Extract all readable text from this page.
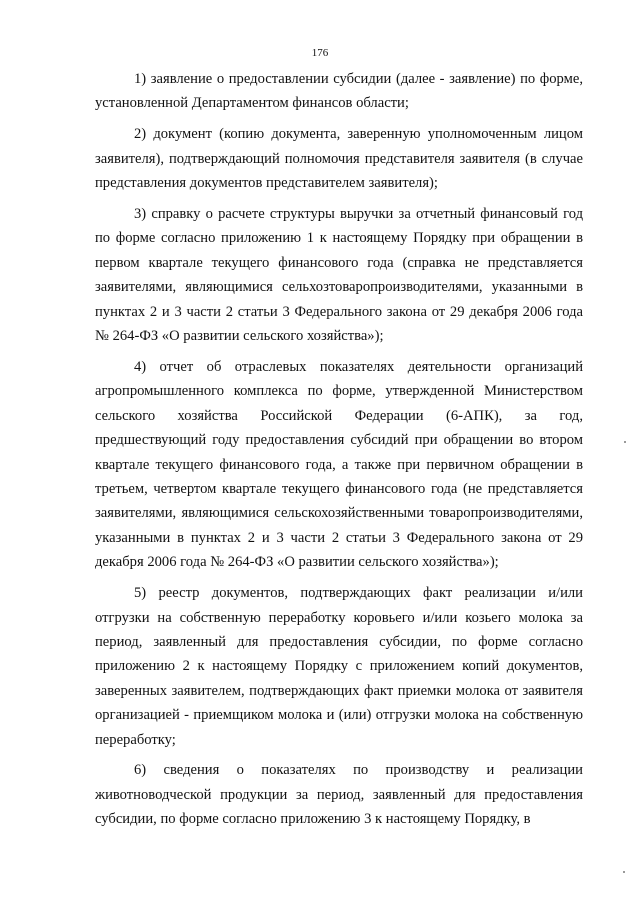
176

1) заявление о предоставлении субсидии (далее - заявление) по форме, установленной Департаментом финансов области;

2) документ (копию документа, заверенную уполномоченным лицом заявителя), подтверждающий полномочия представителя заявителя (в случае представления документов представителем заявителя);

3) справку о расчете структуры выручки за отчетный финансовый год по форме согласно приложению 1 к настоящему Порядку при обращении в первом квартале текущего финансового года (справка не представляется заявителями, являющимися сельхозтоваропроизводителями, указанными в пунктах 2 и 3 части 2 статьи 3 Федерального закона от 29 декабря 2006 года № 264-ФЗ «О развитии сельского хозяйства»);

4) отчет об отраслевых показателях деятельности организаций агропромышленного комплекса по форме, утвержденной Министерством сельского хозяйства Российской Федерации (6-АПК), за год, предшествующий году предоставления субсидий при обращении во втором квартале текущего финансового года, а также при первичном обращении в третьем, четвертом квартале текущего финансового года (не представляется заявителями, являющимися сельскохозяйственными товаропроизводителями, указанными в пунктах 2 и 3 части 2 статьи 3 Федерального закона от 29 декабря 2006 года № 264-ФЗ «О развитии сельского хозяйства»);

5) реестр документов, подтверждающих факт реализации и/или отгрузки на собственную переработку коровьего и/или козьего молока за период, заявленный для предоставления субсидии, по форме согласно приложению 2 к настоящему Порядку с приложением копий документов, заверенных заявителем, подтверждающих факт приемки молока от заявителя организацией - приемщиком молока и (или) отгрузки молока на собственную переработку;

6) сведения о показателях по производству и реализации животноводческой продукции за период, заявленный для предоставления субсидии, по форме согласно приложению 3 к настоящему Порядку, в
